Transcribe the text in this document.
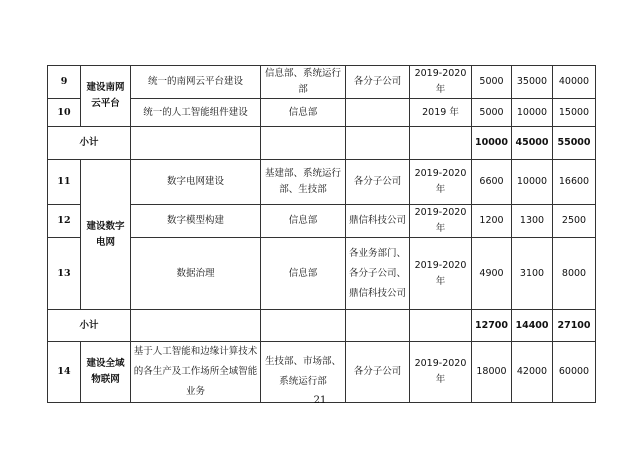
9	建设南网云平台	统一的南网云平台建设	信息部、系统运行部	各分子公司	2019-2020 年	5000	35000	40000
10		统一的人工智能组件建设	信息部		2019 年	5000	10000	15000
小计						10000	45000	55000
11	建设数字电网	数字电网建设	基建部、系统运行部、生技部	各分子公司	2019-2020 年	6600	10000	16600
12		数字模型构建	信息部	鼎信科技公司	2019-2020 年	1200	1300	2500
13		数据治理	信息部	各业务部门、各分子公司、鼎信科技公司	2019-2020 年	4900	3100	8000
小计						12700	14400	27100
14	建设全域物联网	基于人工智能和边缘计算技术的各生产及工作场所全域智能业务	生技部、市场部、系统运行部	各分子公司	2019-2020 年	18000	42000	60000
21
